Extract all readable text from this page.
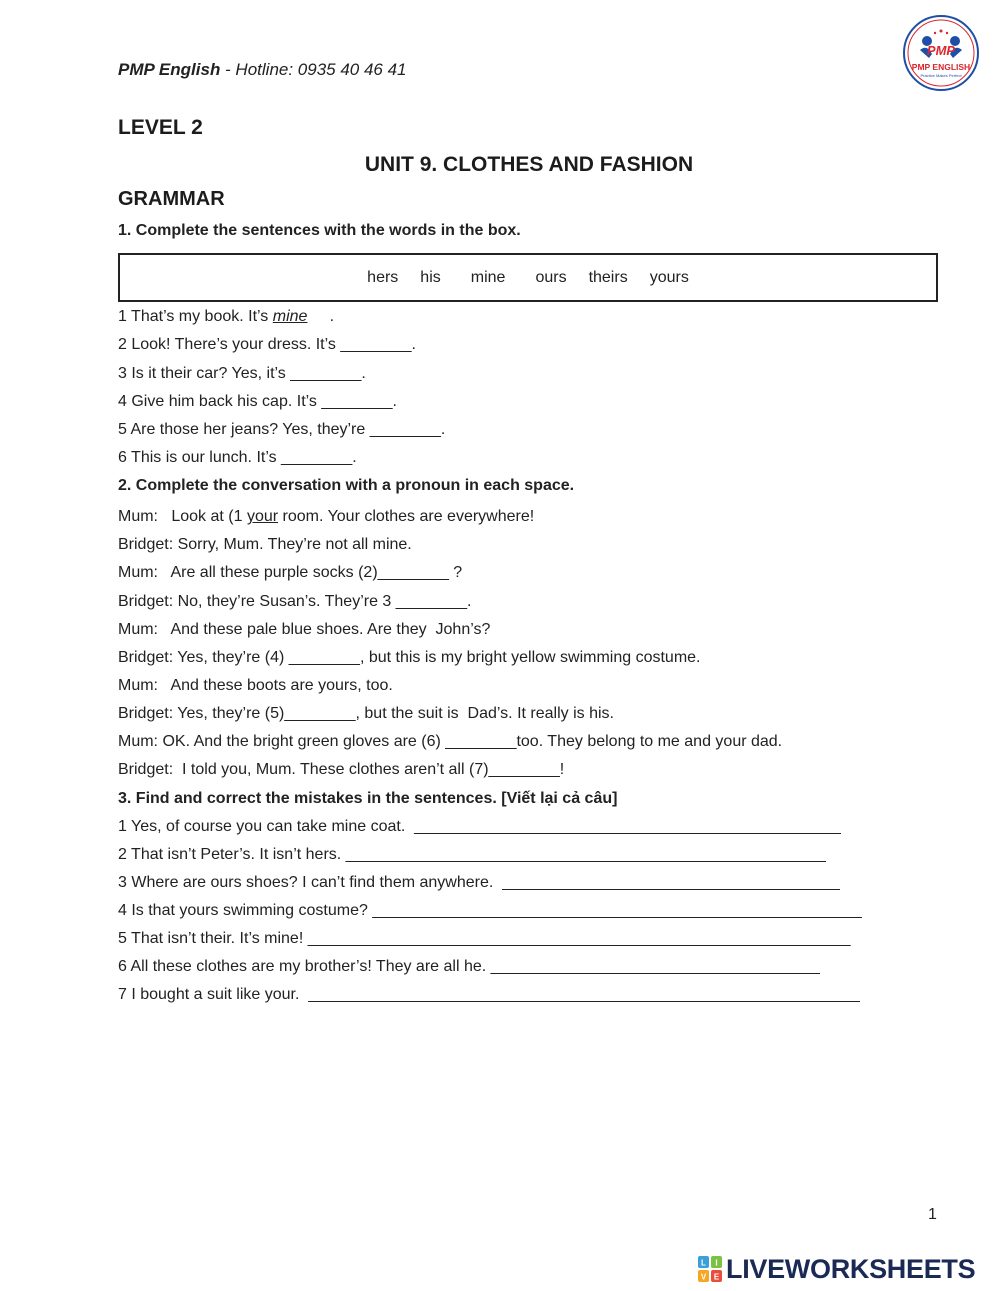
PMP English - Hotline: 0935 40 46 41
PMP
PMP ENGLISH
Practice Makes Perfect
LEVEL 2
UNIT 9. CLOTHES AND FASHION
GRAMMAR
1. Complete the sentences with the words in the box.
hers his mine ours theirs yours
1 That’s my book. It’s mine     .
2 Look! There’s your dress. It’s ________.
3 Is it their car? Yes, it’s ________.
4 Give him back his cap. It’s ________.
5 Are those her jeans? Yes, they’re ________.
6 This is our lunch. It’s ________.
2. Complete the conversation with a pronoun in each space.
Mum:   Look at (1 your room. Your clothes are everywhere!
Bridget: Sorry, Mum. They’re not all mine.
Mum:   Are all these purple socks (2)________ ?
Bridget: No, they’re Susan’s. They’re 3 ________.
Mum:   And these pale blue shoes. Are they  John’s?
Bridget: Yes, they’re (4) ________, but this is my bright yellow swimming costume.
Mum:   And these boots are yours, too.
Bridget: Yes, they’re (5)________, but the suit is  Dad’s. It really is his.
Mum: OK. And the bright green gloves are (6) ________too. They belong to me and your dad.
Bridget:  I told you, Mum. These clothes aren’t all (7)________!
3. Find and correct the mistakes in the sentences. [Viết lại cả câu]
1 Yes, of course you can take mine coat.  ________________________________________________
2 That isn’t Peter’s. It isn’t hers. ______________________________________________________
3 Where are ours shoes? I can’t find them anywhere.  ______________________________________
4 Is that yours swimming costume? _______________________________________________________
5 That isn’t their. It’s mine! _____________________________________________________________
6 All these clothes are my brother’s! They are all he. _____________________________________
7 I bought a suit like your.  ______________________________________________________________
1
L I
V E LIVEWORKSHEETS
